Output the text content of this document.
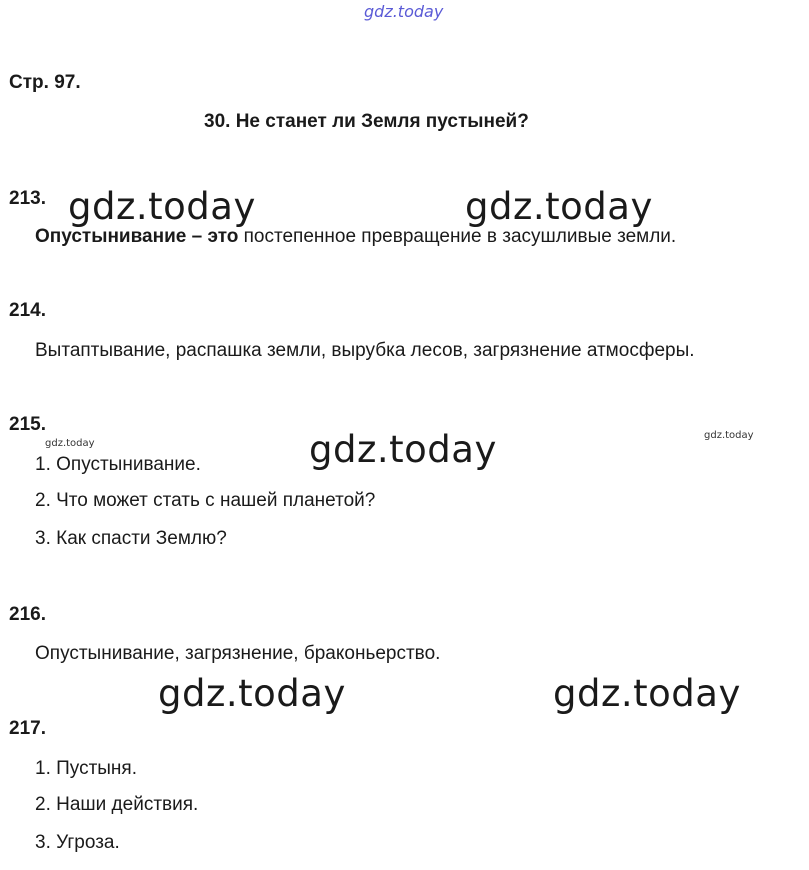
gdz.today
gdz.today	gdz.today
gdz.today
gdz.today	gdz.today
gdz.today
gdz.today
Стр. 97.
30. Не станет ли Земля пустыней?
213.
Опустынивание – это постепенное превращение в засушливые земли.
214.
Вытаптывание, распашка земли, вырубка лесов, загрязнение атмосферы.
215.
1. Опустынивание.
2. Что может стать с нашей планетой?
3. Как спасти Землю?
216.
Опустынивание, загрязнение, браконьерство.
217.
1. Пустыня.
2. Наши действия.
3. Угроза.
